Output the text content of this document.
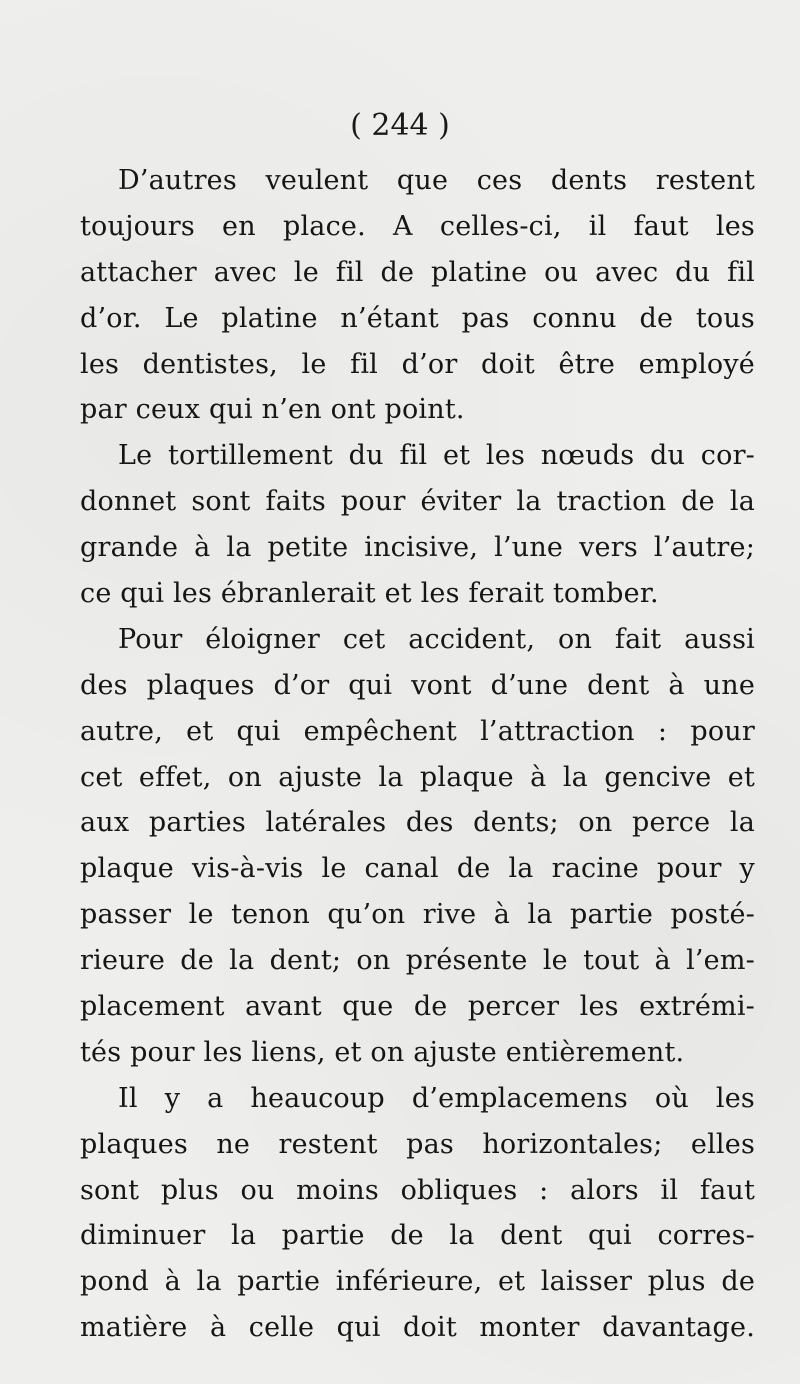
( 244 )
D’autres veulent que ces dents restent
toujours en place. A celles-ci, il faut les
attacher avec le fil de platine ou avec du fil
d’or. Le platine n’étant pas connu de tous
les dentistes, le fil d’or doit être employé
par ceux qui n’en ont point.
Le tortillement du fil et les nœuds du cor-
donnet sont faits pour éviter la traction de la
grande à la petite incisive, l’une vers l’autre;
ce qui les ébranlerait et les ferait tomber.
Pour éloigner cet accident, on fait aussi
des plaques d’or qui vont d’une dent à une
autre, et qui empêchent l’attraction : pour
cet effet, on ajuste la plaque à la gencive et
aux parties latérales des dents; on perce la
plaque vis-à-vis le canal de la racine pour y
passer le tenon qu’on rive à la partie posté-
rieure de la dent; on présente le tout à l’em-
placement avant que de percer les extrémi-
tés pour les liens, et on ajuste entièrement.
Il y a heaucoup d’emplacemens où les
plaques ne restent pas horizontales; elles
sont plus ou moins obliques : alors il faut
diminuer la partie de la dent qui corres-
pond à la partie inférieure, et laisser plus de
matière à celle qui doit monter davantage.
